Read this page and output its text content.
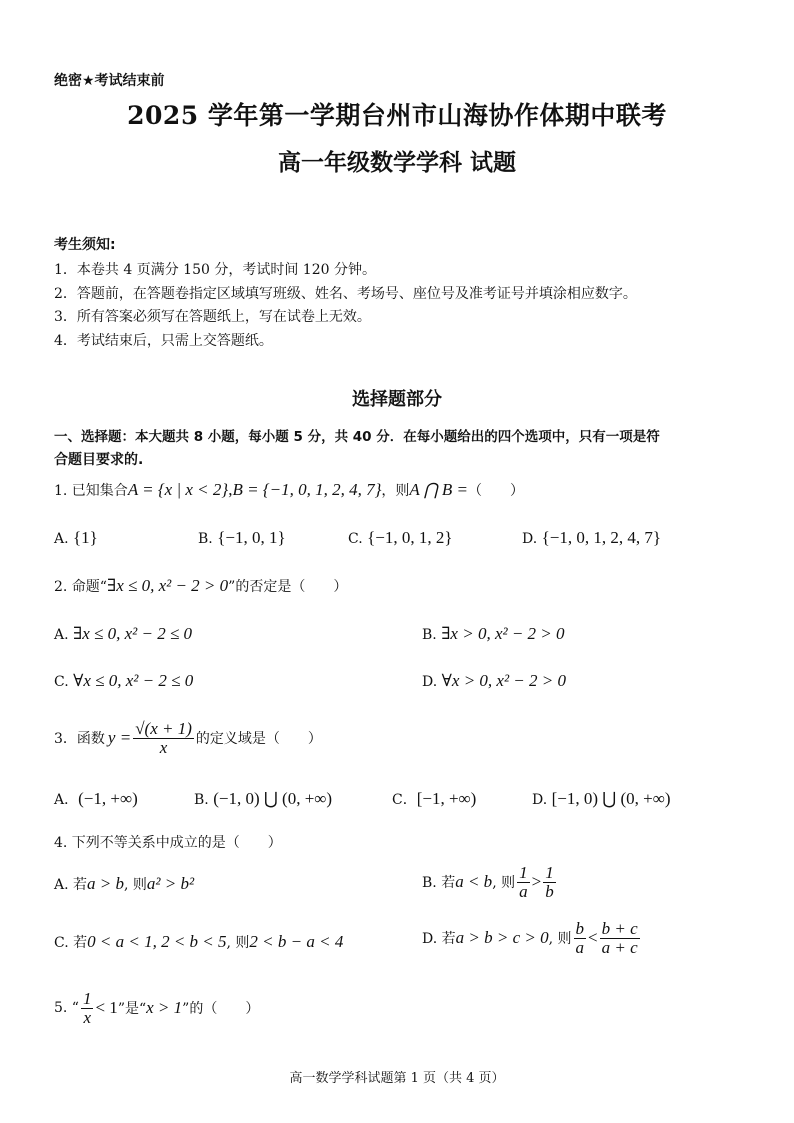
绝密★考试结束前
2025 学年第一学期台州市山海协作体期中联考
高一年级数学学科 试题
考生须知:
1．本卷共 4 页满分 150 分，考试时间 120 分钟。
2．答题前，在答题卷指定区域填写班级、姓名、考场号、座位号及准考证号并填涂相应数字。
3．所有答案必须写在答题纸上，写在试卷上无效。
4．考试结束后，只需上交答题纸。
选择题部分
一、选择题：本大题共 8 小题，每小题 5 分，共 40 分．在每小题给出的四个选项中，只有一项是符
合题目要求的.
1. 已知集合A = {x | x < 2},B = {−1, 0, 1, 2, 4, 7}，则A ⋂ B =（　　）
A. {1}	B. {−1, 0, 1}	C. {−1, 0, 1, 2}	D. {−1, 0, 1, 2, 4, 7}
2. 命题“∃x ≤ 0, x² − 2 > 0”的否定是（　　）
A. ∃x ≤ 0, x² − 2 ≤ 0	B. ∃x > 0, x² − 2 > 0
C. ∀x ≤ 0, x² − 2 ≤ 0	D. ∀x > 0, x² − 2 > 0
3．函数 $y = \frac{√(x + 1)}{x}$ 的定义域是（　　）
A．(−1, +∞)	B. (−1, 0) ⋃ (0, +∞)	C．[−1, +∞)	D. [−1, 0) ⋃ (0, +∞)
4. 下列不等关系中成立的是（　　）
A. 若a > b, 则a² > b²	B. 若 a < b , 则 $\frac{1}{a} > \frac{1}{b}$
C. 若0 < a < 1, 2 < b < 5, 则2 < b − a < 4	D. 若 a > b > c > 0 , 则 $\frac{b}{a} < \frac{b + c}{a + c}$
5. “ $\frac{1}{x} < 1$ ”是“ x > 1 ”的（　　）
高一数学学科试题第 1 页（共 4 页）
